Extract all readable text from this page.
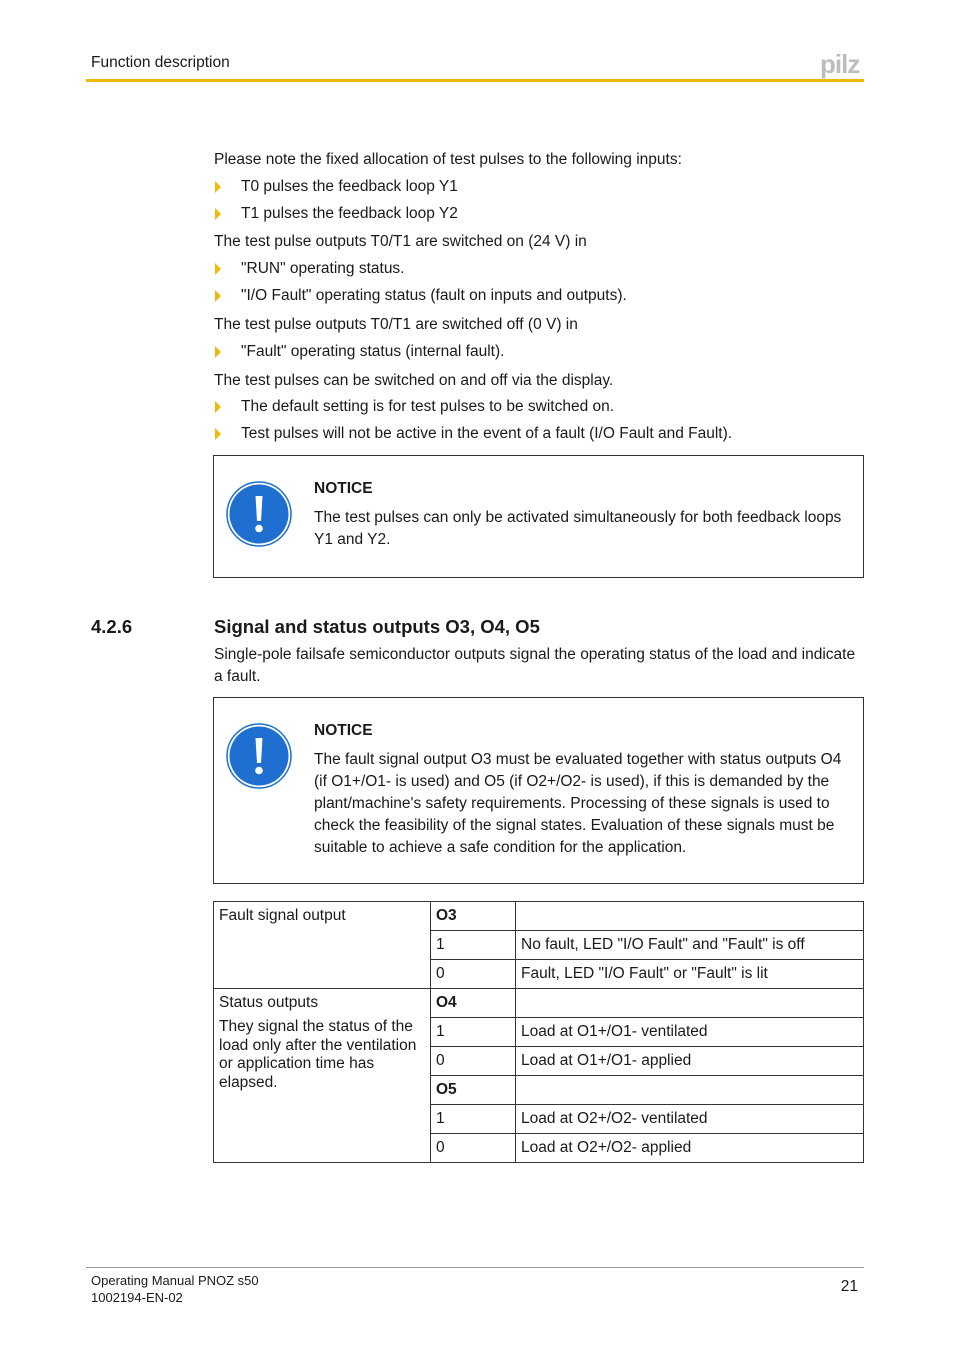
Function description	pilz
Please note the fixed allocation of test pulses to the following inputs:
T0 pulses the feedback loop Y1
T1 pulses the feedback loop Y2
The test pulse outputs T0/T1 are switched on (24 V) in
"RUN" operating status.
"I/O Fault" operating status (fault on inputs and outputs).
The test pulse outputs T0/T1 are switched off (0 V) in
"Fault" operating status (internal fault).
The test pulses can be switched on and off via the display.
The default setting is for test pulses to be switched on.
Test pulses will not be active in the event of a fault (I/O Fault and Fault).
NOTICE
The test pulses can only be activated simultaneously for both feedback loops Y1 and Y2.
4.2.6	Signal and status outputs O3, O4, O5
Single-pole failsafe semiconductor outputs signal the operating status of the load and indicate a fault.
NOTICE
The fault signal output O3 must be evaluated together with status outputs O4 (if O1+/O1- is used) and O5 (if O2+/O2- is used), if this is demanded by the plant/machine's safety requirements. Processing of these signals is used to check the feasibility of the signal states. Evaluation of these signals must be suitable to achieve a safe condition for the application.
Fault signal output	O3	
	1	No fault, LED "I/O Fault" and "Fault" is off
	0	Fault, LED "I/O Fault" or "Fault" is lit

Status outputs
They signal the status of the load only after the ventilation or application time has elapsed.	O4	
	1	Load at O1+/O1- ventilated
	0	Load at O1+/O1- applied
	O5	
	1	Load at O2+/O2- ventilated
	0	Load at O2+/O2- applied
Operating Manual PNOZ s50
1002194-EN-02
21
